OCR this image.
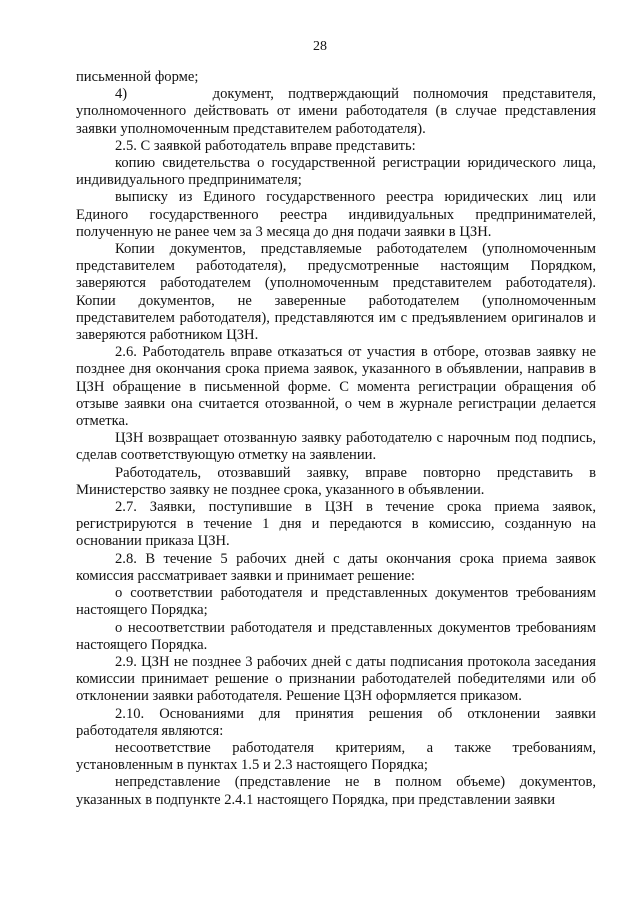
28

письменной форме;

4)      документ, подтверждающий полномочия представителя, уполномоченного действовать от имени работодателя (в случае представления заявки уполномоченным представителем работодателя).

2.5. С заявкой работодатель вправе представить:

копию свидетельства о государственной регистрации юридического лица, индивидуального предпринимателя;

выписку из Единого государственного реестра юридических лиц или Единого государственного реестра индивидуальных предпринимателей, полученную не ранее чем за 3 месяца до дня подачи заявки в ЦЗН.

Копии документов, представляемые работодателем (уполномоченным представителем работодателя), предусмотренные настоящим Порядком, заверяются работодателем (уполномоченным представителем работодателя). Копии документов, не заверенные работодателем (уполномоченным представителем работодателя), представляются им с предъявлением оригиналов и заверяются работником ЦЗН.

2.6. Работодатель вправе отказаться от участия в отборе, отозвав заявку не позднее дня окончания срока приема заявок, указанного в объявлении, направив в ЦЗН обращение в письменной форме. С момента регистрации обращения об отзыве заявки она считается отозванной, о чем в журнале регистрации делается отметка.

ЦЗН возвращает отозванную заявку работодателю с нарочным под подпись, сделав соответствующую отметку на заявлении.

Работодатель, отозвавший заявку, вправе повторно представить в Министерство заявку не позднее срока, указанного в объявлении.

2.7. Заявки, поступившие в ЦЗН в течение срока приема заявок, регистрируются в течение 1 дня и передаются в комиссию, созданную на основании приказа ЦЗН.

2.8. В течение 5 рабочих дней с даты окончания срока приема заявок комиссия рассматривает заявки и принимает решение:

о соответствии работодателя и представленных документов требованиям настоящего Порядка;

о несоответствии работодателя и представленных документов требованиям настоящего Порядка.

2.9. ЦЗН не позднее 3 рабочих дней с даты подписания протокола заседания комиссии принимает решение о признании работодателей победителями или об отклонении заявки работодателя. Решение ЦЗН оформляется приказом.

2.10. Основаниями для принятия решения об отклонении заявки работодателя являются:

несоответствие работодателя критериям, а также требованиям, установленным в пунктах 1.5 и 2.3 настоящего Порядка;

непредставление (представление не в полном объеме) документов, указанных в подпункте 2.4.1 настоящего Порядка, при представлении заявки
